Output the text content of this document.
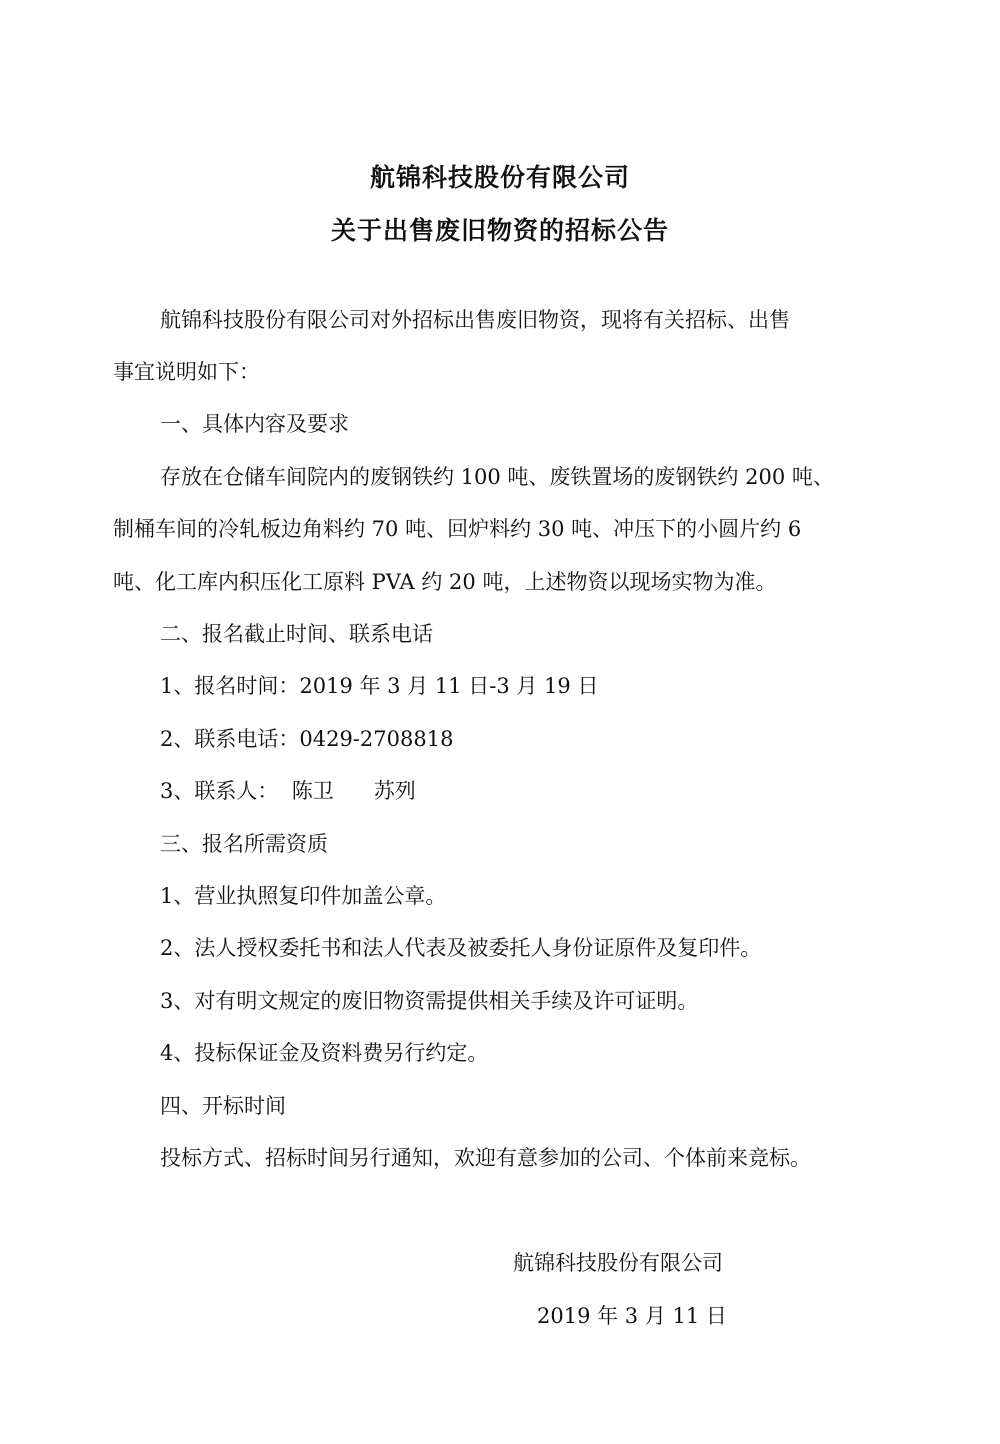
航锦科技股份有限公司
关于出售废旧物资的招标公告
航锦科技股份有限公司对外招标出售废旧物资，现将有关招标、出售
事宜说明如下：
一、具体内容及要求
存放在仓储车间院内的废钢铁约 100 吨、废铁置场的废钢铁约 200 吨、
制桶车间的冷轧板边角料约 70 吨、回炉料约 30 吨、冲压下的小圆片约 6
吨、化工库内积压化工原料 PVA 约 20 吨，上述物资以现场实物为准。
二、报名截止时间、联系电话
1、报名时间：2019 年 3 月 11 日-3 月 19 日
2、联系电话：0429-2708818
3、联系人：  陈卫      苏列
三、报名所需资质
1、营业执照复印件加盖公章。
2、法人授权委托书和法人代表及被委托人身份证原件及复印件。
3、对有明文规定的废旧物资需提供相关手续及许可证明。
4、投标保证金及资料费另行约定。
四、开标时间
投标方式、招标时间另行通知，欢迎有意参加的公司、个体前来竞标。
航锦科技股份有限公司
2019 年 3 月 11 日
